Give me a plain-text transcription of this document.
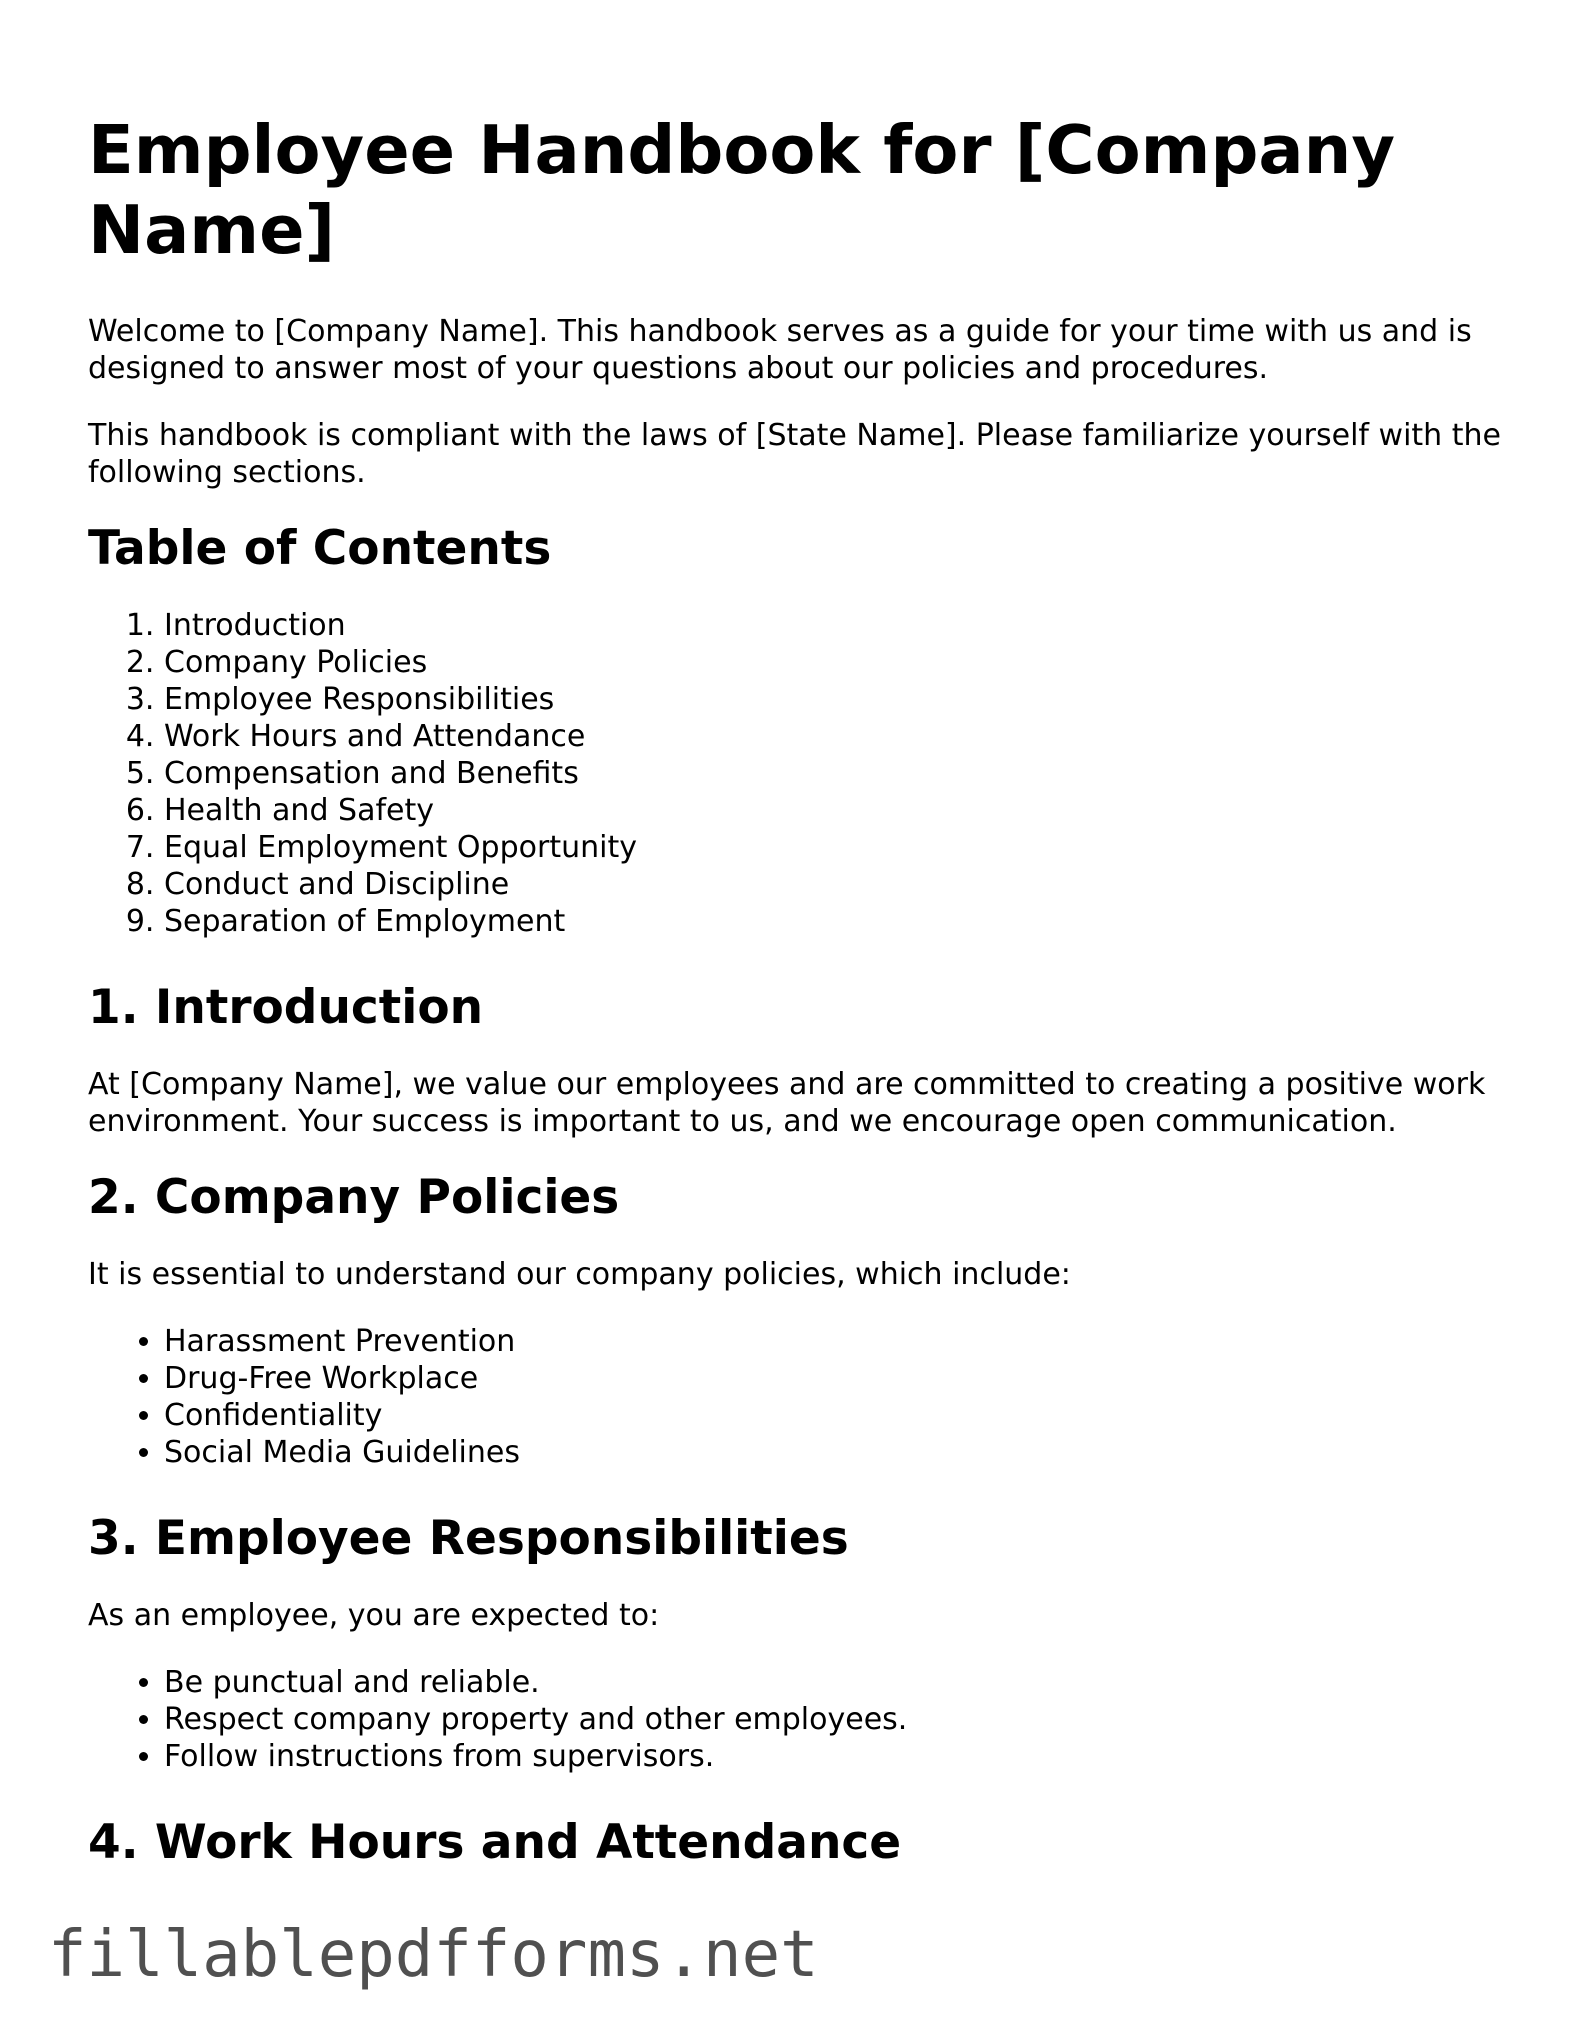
Employee Handbook for [Company Name]

Welcome to [Company Name]. This handbook serves as a guide for your time with us and is designed to answer most of your questions about our policies and procedures.

This handbook is compliant with the laws of [State Name]. Please familiarize yourself with the following sections.

Table of Contents
1. Introduction
2. Company Policies
3. Employee Responsibilities
4. Work Hours and Attendance
5. Compensation and Benefits
6. Health and Safety
7. Equal Employment Opportunity
8. Conduct and Discipline
9. Separation of Employment
1. Introduction

At [Company Name], we value our employees and are committed to creating a positive work environment. Your success is important to us, and we encourage open communication.

2. Company Policies

It is essential to understand our company policies, which include:

• Harassment Prevention
• Drug-Free Workplace
• Confidentiality
• Social Media Guidelines
3. Employee Responsibilities

As an employee, you are expected to:

• Be punctual and reliable.
• Respect company property and other employees.
• Follow instructions from supervisors.
4. Work Hours and Attendance
fillablepdfforms.net
